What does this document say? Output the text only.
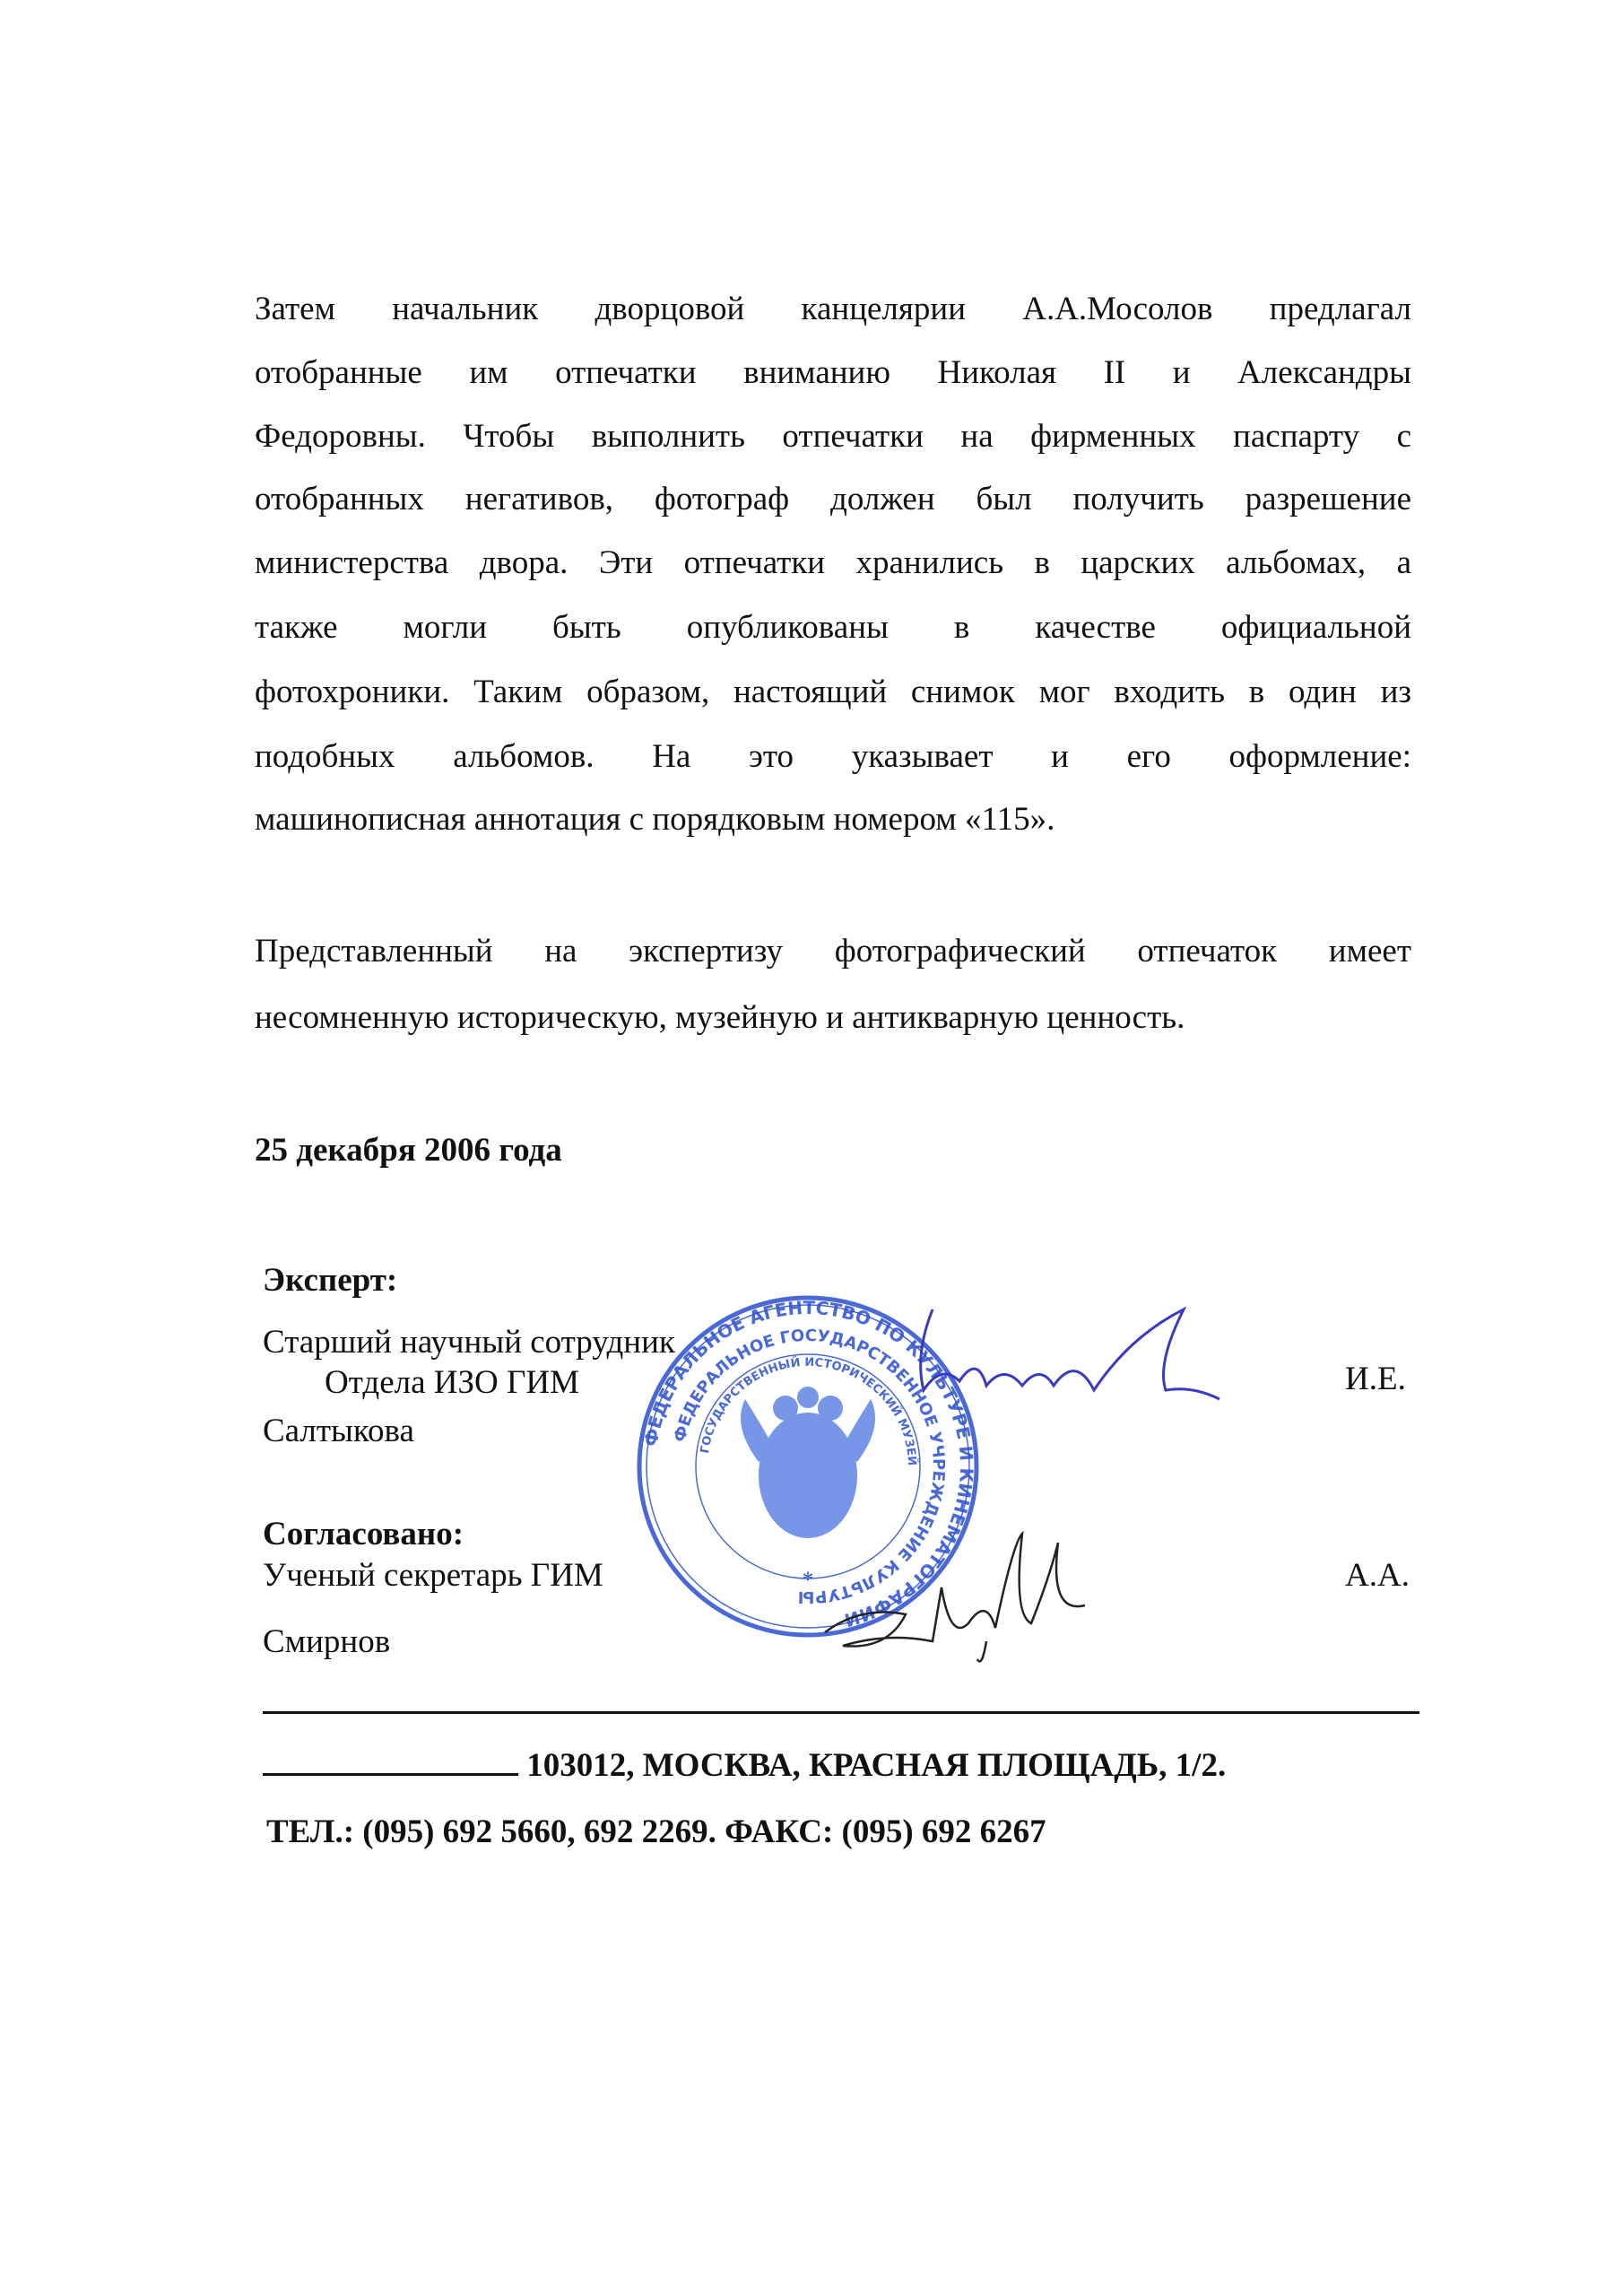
25 декабря 2006 года
Эксперт:
Старший научный сотрудник
Отдела ИЗО ГИМ	И.Е.
Салтыкова
Согласовано:
Ученый секретарь ГИМ	А.А.
Смирнов
ФЕДЕРАЛЬНОЕ АГЕНТСТВО ПО КУЛЬТУРЕ И КИНЕМАТОГРАФИИ
ФЕДЕРАЛЬНОЕ ГОСУДАРСТВЕННОЕ УЧРЕЖДЕНИЕ КУЛЬТУРЫ
ГОСУДАРСТВЕННЫЙ ИСТОРИЧЕСКИЙ МУЗЕЙ
*
103012, МОСКВА, КРАСНАЯ ПЛОЩАДЬ, 1/2.
ТЕЛ.: (095) 692 5660, 692 2269. ФАКС: (095) 692 6267
Затем начальник дворцовой канцелярии А.А.Мосолов предлагал
отобранные им отпечатки вниманию Николая II и Александры
Федоровны. Чтобы выполнить отпечатки на фирменных паспарту с
отобранных негативов, фотограф должен был получить разрешение
министерства двора. Эти отпечатки хранились в царских альбомах, а
также могли быть опубликованы в качестве официальной
фотохроники. Таким образом, настоящий снимок мог входить в один из
подобных альбомов. На это указывает и его оформление:
машинописная аннотация с порядковым номером «115».
Представленный на экспертизу фотографический отпечаток имеет
несомненную историческую, музейную и антикварную ценность.
